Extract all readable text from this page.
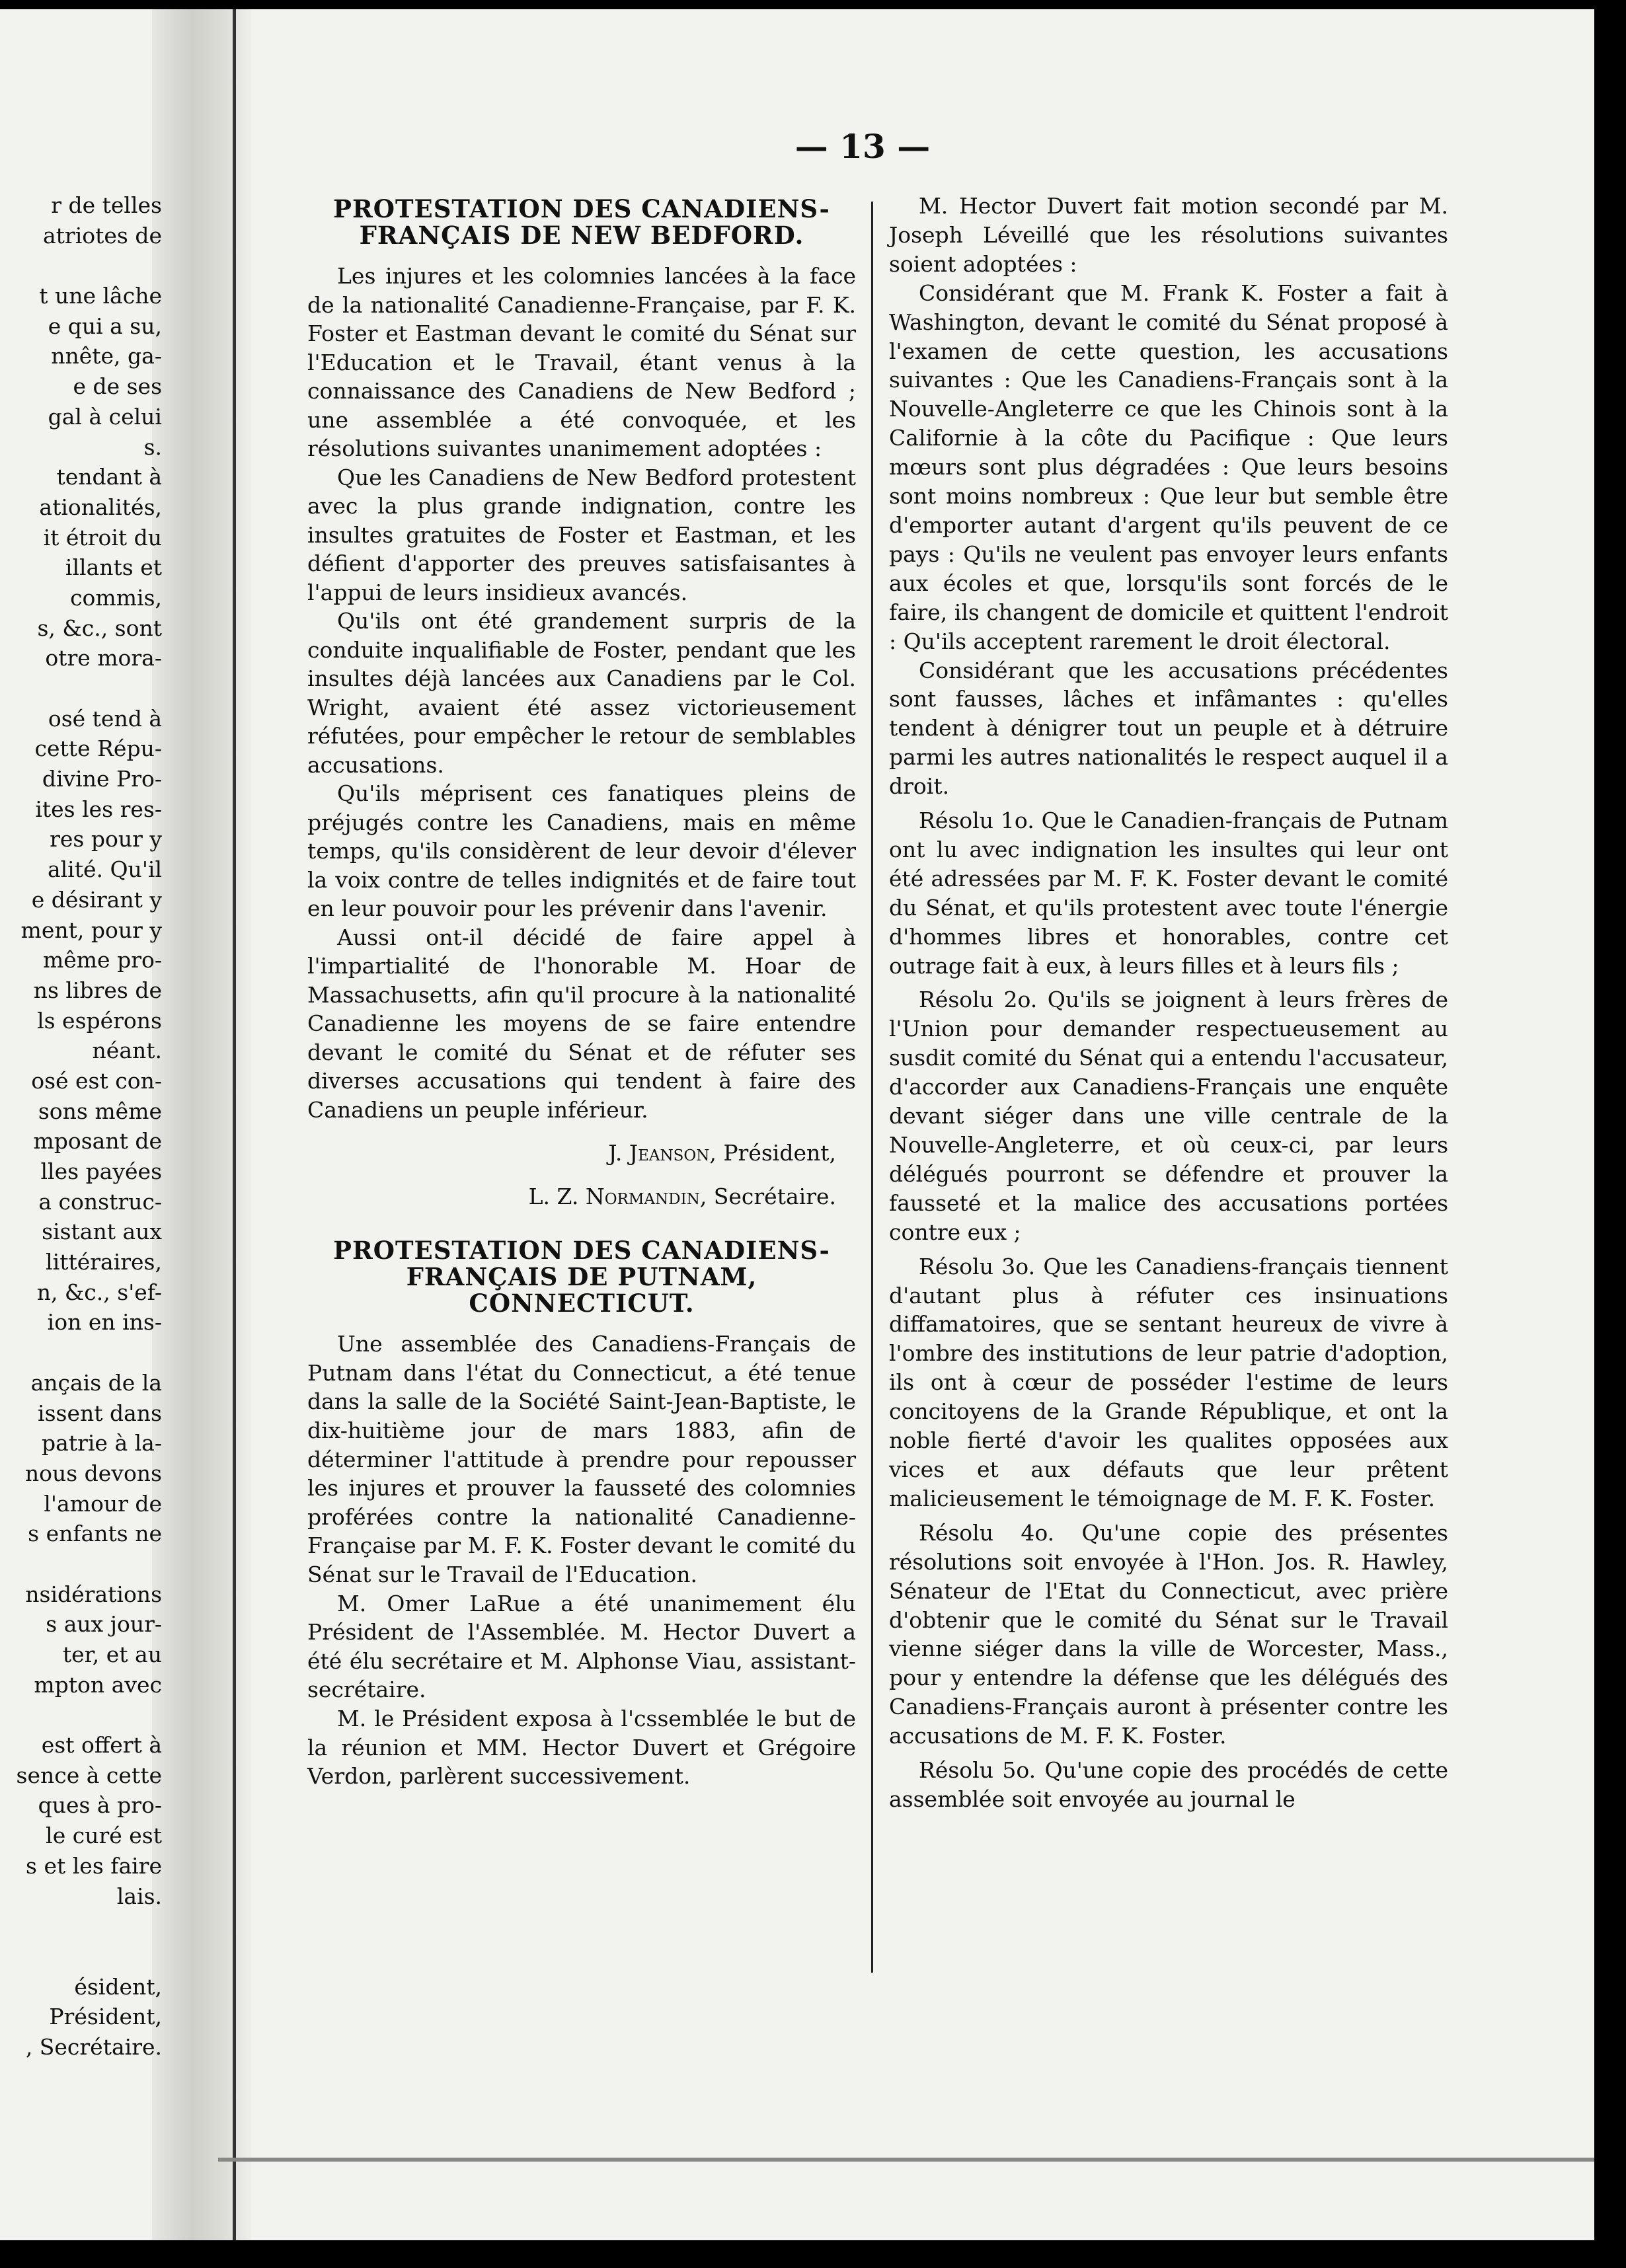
— 13 —
r de telles
atriotes de
t une lâche
e qui a su,
nnête, ga-
e de ses
gal à celui
s.
tendant à
ationalités,
it étroit du
illants et
commis,
s, &c., sont
otre mora-
osé tend à
cette Répu-
divine Pro-
ites les res-
res pour y
alité. Qu'il
e désirant y
ment, pour y
même pro-
ns libres de
ls espérons
néant.
osé est con-
sons même
mposant de
lles payées
a construc-
sistant aux
littéraires,
n, &c., s'ef-
ion en ins-
ançais de la
issent dans
patrie à la-
nous devons
l'amour de
s enfants ne
nsidérations
s aux jour-
ter, et au
mpton avec
est offert à
sence à cette
ques à pro-
le curé est
s et les faire
lais.
ésident,
Président,
, Secrétaire.
PROTESTATION DES CANADIENS-FRANÇAIS DE NEW BEDFORD.

Les injures et les colomnies lancées à la face de la nationalité Canadienne-Française, par F. K. Foster et Eastman devant le comité du Sénat sur l'Education et le Travail, étant venus à la connaissance des Canadiens de New Bedford ; une assemblée a été convoquée, et les résolutions suivantes unanimement adoptées :

Que les Canadiens de New Bedford protestent avec la plus grande indignation, contre les insultes gratuites de Foster et Eastman, et les défient d'apporter des preuves satisfaisantes à l'appui de leurs insidieux avancés.

Qu'ils ont été grandement surpris de la conduite inqualifiable de Foster, pendant que les insultes déjà lancées aux Canadiens par le Col. Wright, avaient été assez victorieusement réfutées, pour empêcher le retour de semblables accusations.

Qu'ils méprisent ces fanatiques pleins de préjugés contre les Canadiens, mais en même temps, qu'ils considèrent de leur devoir d'élever la voix contre de telles indignités et de faire tout en leur pouvoir pour les prévenir dans l'avenir.

Aussi ont-il décidé de faire appel à l'impartialité de l'honorable M. Hoar de Massachusetts, afin qu'il procure à la nationalité Canadienne les moyens de se faire entendre devant le comité du Sénat et de réfuter ses diverses accusations qui tendent à faire des Canadiens un peuple inférieur.

J. Jeanson, Président,
L. Z. Normandin, Secrétaire.
PROTESTATION DES CANADIENS-FRANÇAIS DE PUTNAM, CONNECTICUT.

Une assemblée des Canadiens-Français de Putnam dans l'état du Connecticut, a été tenue dans la salle de la Société Saint-Jean-Baptiste, le dix-huitième jour de mars 1883, afin de déterminer l'attitude à prendre pour repousser les injures et prouver la fausseté des colomnies proférées contre la nationalité Canadienne-Française par M. F. K. Foster devant le comité du Sénat sur le Travail de l'Education.

M. Omer LaRue a été unanimement élu Président de l'Assemblée. M. Hector Duvert a été élu secrétaire et M. Alphonse Viau, assistant-secrétaire.

M. le Président exposa à l'cssemblée le but de la réunion et MM. Hector Duvert et Grégoire Verdon, parlèrent successivement.

M. Hector Duvert fait motion secondé par M. Joseph Léveillé que les résolutions suivantes soient adoptées :

Considérant que M. Frank K. Foster a fait à Washington, devant le comité du Sénat proposé à l'examen de cette question, les accusations suivantes : Que les Canadiens-Français sont à la Nouvelle-Angleterre ce que les Chinois sont à la Californie à la côte du Pacifique : Que leurs mœurs sont plus dégradées : Que leurs besoins sont moins nombreux : Que leur but semble être d'emporter autant d'argent qu'ils peuvent de ce pays : Qu'ils ne veulent pas envoyer leurs enfants aux écoles et que, lorsqu'ils sont forcés de le faire, ils changent de domicile et quittent l'endroit : Qu'ils acceptent rarement le droit électoral.

Considérant que les accusations précédentes sont fausses, lâches et infâmantes : qu'elles tendent à dénigrer tout un peuple et à détruire parmi les autres nationalités le respect auquel il a droit.

Résolu 1o. Que le Canadien-français de Putnam ont lu avec indignation les insultes qui leur ont été adressées par M. F. K. Foster devant le comité du Sénat, et qu'ils protestent avec toute l'énergie d'hommes libres et honorables, contre cet outrage fait à eux, à leurs filles et à leurs fils ;

Résolu 2o. Qu'ils se joignent à leurs frères de l'Union pour demander respectueusement au susdit comité du Sénat qui a entendu l'accusateur, d'accorder aux Canadiens-Français une enquête devant siéger dans une ville centrale de la Nouvelle-Angleterre, et où ceux-ci, par leurs délégués pourront se défendre et prouver la fausseté et la malice des accusations portées contre eux ;

Résolu 3o. Que les Canadiens-français tiennent d'autant plus à réfuter ces insinuations diffamatoires, que se sentant heureux de vivre à l'ombre des institutions de leur patrie d'adoption, ils ont à cœur de posséder l'estime de leurs concitoyens de la Grande République, et ont la noble fierté d'avoir les qualites opposées aux vices et aux défauts que leur prêtent malicieusement le témoignage de M. F. K. Foster.

Résolu 4o. Qu'une copie des présentes résolutions soit envoyée à l'Hon. Jos. R. Hawley, Sénateur de l'Etat du Connecticut, avec prière d'obtenir que le comité du Sénat sur le Travail vienne siéger dans la ville de Worcester, Mass., pour y entendre la défense que les délégués des Canadiens-Français auront à présenter contre les accusations de M. F. K. Foster.

Résolu 5o. Qu'une copie des procédés de cette assemblée soit envoyée au journal le
